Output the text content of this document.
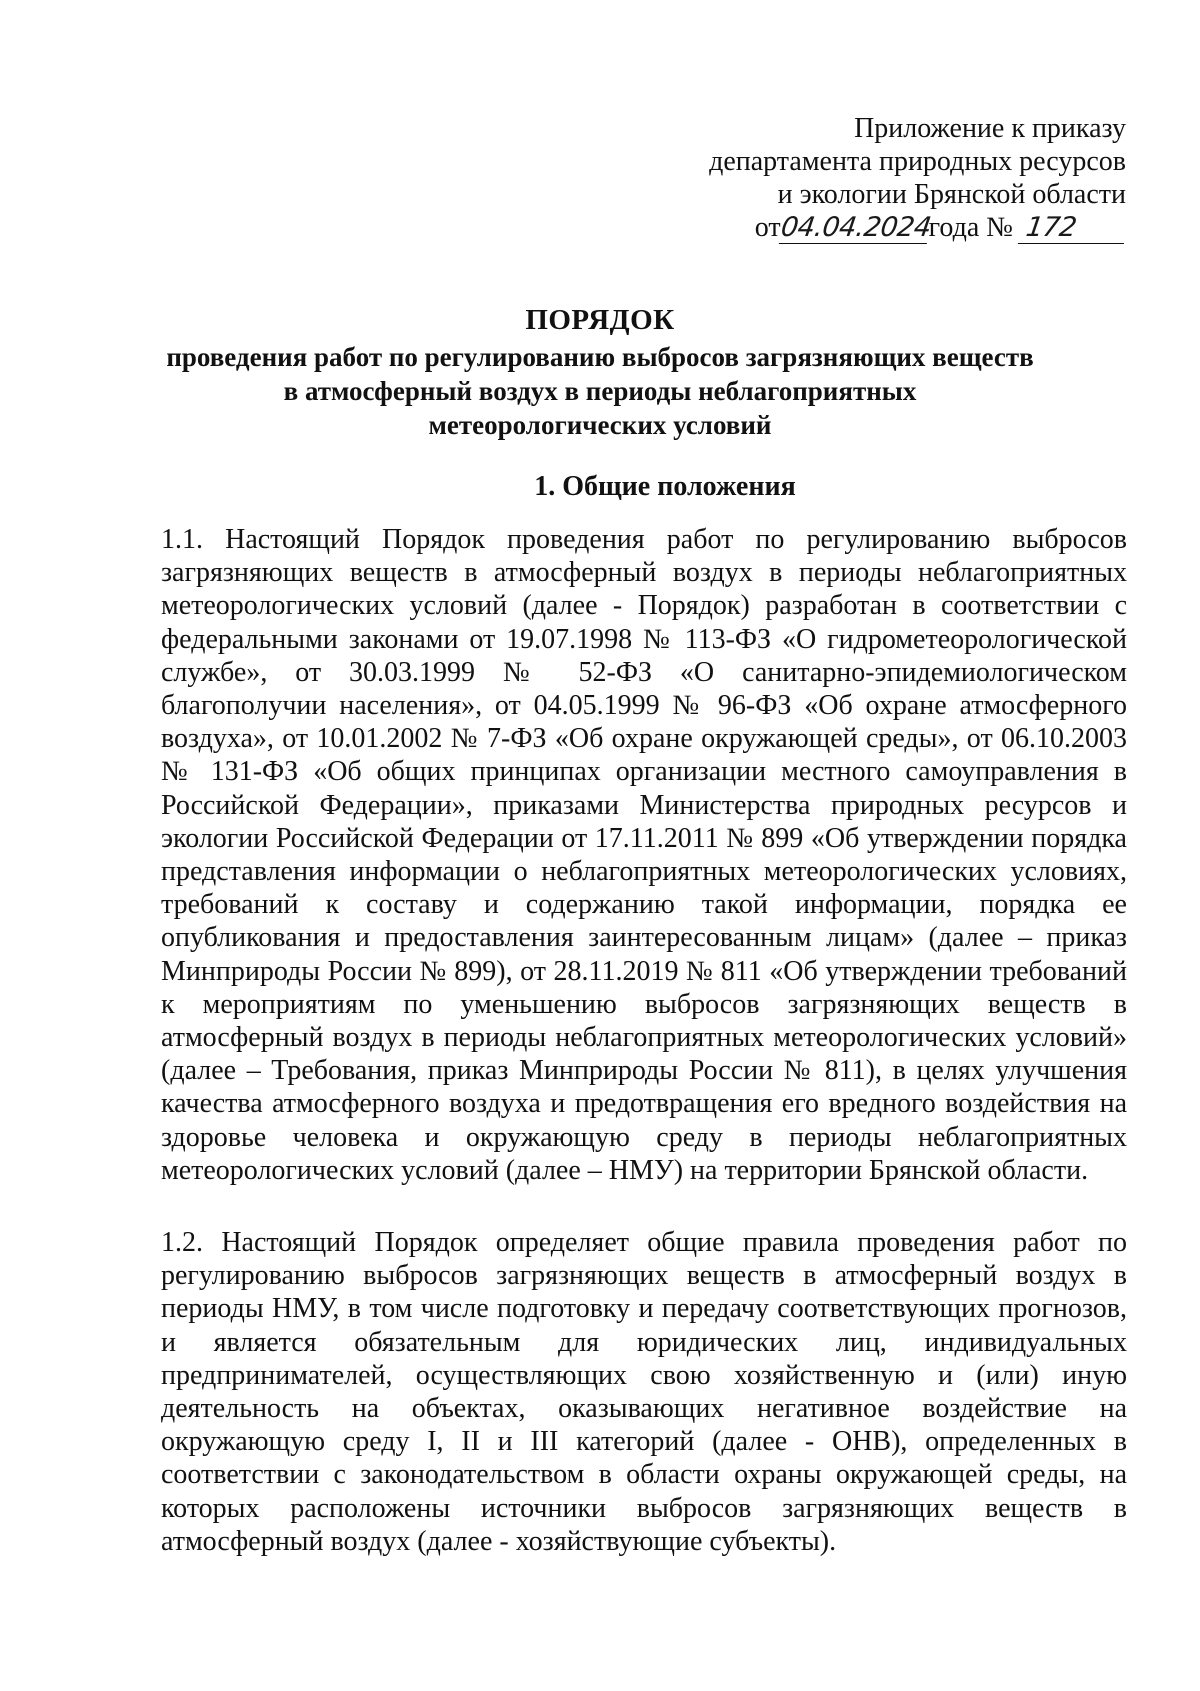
Приложение к приказу
департамента природных ресурсов
и экологии Брянской области
от04.04.2024года № 172
ПОРЯДОК
проведения работ по регулированию выбросов загрязняющих веществ
в атмосферный воздух в периоды неблагоприятных
метеорологических условий
1. Общие положения
1.1. Настоящий Порядок проведения работ по регулированию выбросов загрязняющих веществ в атмосферный воздух в периоды неблагоприятных метеорологических условий (далее - Порядок) разработан в соответствии с федеральными законами от 19.07.1998 № 113-ФЗ «О гидрометеорологической службе», от 30.03.1999 № 52-ФЗ «О санитарно-эпидемиологическом благополучии населения», от 04.05.1999 № 96-ФЗ «Об охране атмосферного воздуха», от 10.01.2002 № 7-ФЗ «Об охране окружающей среды», от 06.10.2003 № 131-ФЗ «Об общих принципах организации местного самоуправления в Российской Федерации», приказами Министерства природных ресурсов и экологии Российской Федерации от 17.11.2011 № 899 «Об утверждении порядка представления информации о неблагоприятных метеорологических условиях, требований к составу и содержанию такой информации, порядка ее опубликования и предоставления заинтересованным лицам» (далее – приказ Минприроды России № 899), от 28.11.2019 № 811 «Об утверждении требований к мероприятиям по уменьшению выбросов загрязняющих веществ в атмосферный воздух в периоды неблагоприятных метеорологических условий» (далее – Требования, приказ Минприроды России № 811), в целях улучшения качества атмосферного воздуха и предотвращения его вредного воздействия на здоровье человека и окружающую среду в периоды неблагоприятных метеорологических условий (далее – НМУ) на территории Брянской области.
1.2. Настоящий Порядок определяет общие правила проведения работ по регулированию выбросов загрязняющих веществ в атмосферный воздух в периоды НМУ, в том числе подготовку и передачу соответствующих прогнозов, и является обязательным для юридических лиц, индивидуальных предпринимателей, осуществляющих свою хозяйственную и (или) иную деятельность на объектах, оказывающих негативное воздействие на окружающую среду I, II и III категорий (далее - ОНВ), определенных в соответствии с законодательством в области охраны окружающей среды, на которых расположены источники выбросов загрязняющих веществ в атмосферный воздух (далее - хозяйствующие субъекты).
